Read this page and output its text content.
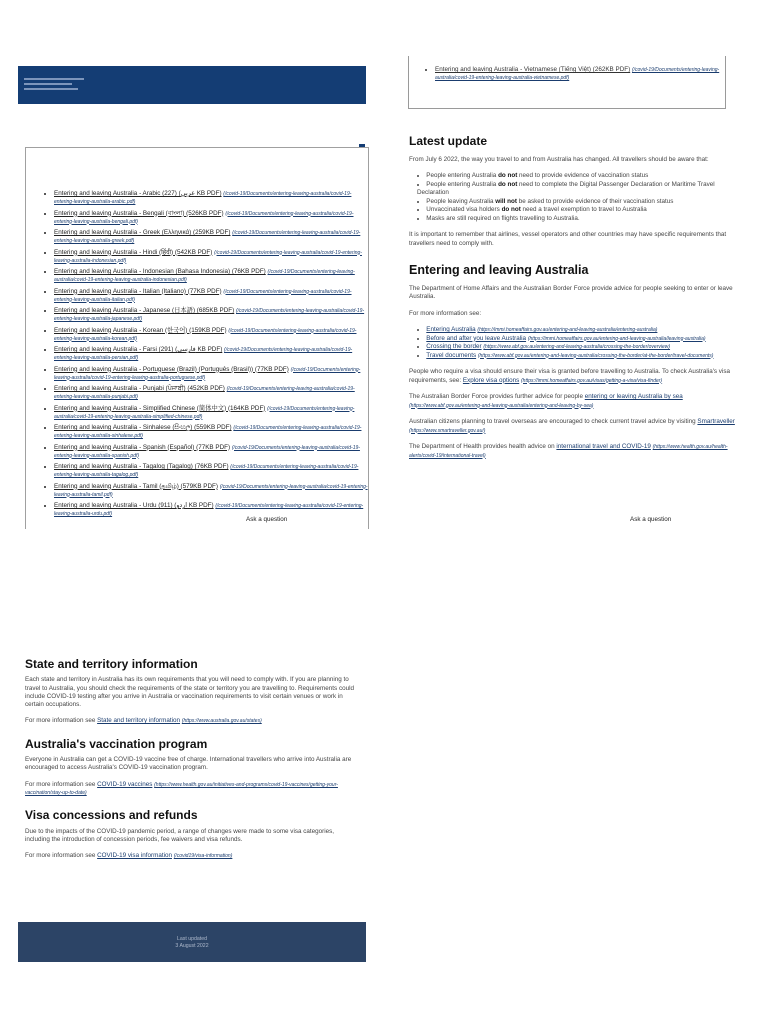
• Entering and leaving Australia - Vietnamese (Tiếng Việt) (262KB PDF) (/covid-19/Documents/entering-leaving-australia/covid-19-entering-leaving-australia-vietnamese.pdf)
• Entering and leaving Australia - Arabic (227) (عربي KB PDF) (/covid-19/Documents/entering-leaving-australia/covid-19-entering-leaving-australia-arabic.pdf)
• Entering and leaving Australia - Bengali (বাংলা) (526KB PDF) (/covid-19/Documents/entering-leaving-australia/covid-19-entering-leaving-australia-bengali.pdf)
• Entering and leaving Australia - Greek (Ελληνικά) (259KB PDF) (/covid-19/Documents/entering-leaving-australia/covid-19-entering-leaving-australia-greek.pdf)
• Entering and leaving Australia - Hindi (हिंदी) (542KB PDF) (/covid-19/Documents/entering-leaving-australia/covid-19-entering-leaving-australia-indonesian.pdf)
• Entering and leaving Australia - Indonesian (Bahasa Indonesia) (76KB PDF) (/covid-19/Documents/entering-leaving-australia/covid-19-entering-leaving-australia-indonesian.pdf)
• Entering and leaving Australia - Italian (Italiano) (77KB PDF) (/covid-19/Documents/entering-leaving-australia/covid-19-entering-leaving-australia-italian.pdf)
• Entering and leaving Australia - Japanese (日本語) (685KB PDF) (/covid-19/Documents/entering-leaving-australia/covid-19-entering-leaving-australia-japanese.pdf)
• Entering and leaving Australia - Korean (한국어) (159KB PDF) (/covid-19/Documents/entering-leaving-australia/covid-19-entering-leaving-australia-korean.pdf)
• Entering and leaving Australia - Farsi (291) (فارسی KB PDF) (/covid-19/Documents/entering-leaving-australia/covid-19-entering-leaving-australia-persian.pdf)
• Entering and leaving Australia - Portuguese (Brazil) (Português (Brasil)) (77KB PDF) (/covid-19/Documents/entering-leaving-australia/covid-19-entering-leaving-australia-portuguese.pdf)
• Entering and leaving Australia - Punjabi (ਪੰਜਾਬੀ) (452KB PDF) (/covid-19/Documents/entering-leaving-australia/covid-19-entering-leaving-australia-punjabi.pdf)
• Entering and leaving Australia - Simplified Chinese (简体中文) (164KB PDF) (/covid-19/Documents/entering-leaving-australia/covid-19-entering-leaving-australia-simplified-chinese.pdf)
• Entering and leaving Australia - Sinhalese (සිංහල) (559KB PDF) (/covid-19/Documents/entering-leaving-australia/covid-19-entering-leaving-australia-sinhalese.pdf)
• Entering and leaving Australia - Spanish (Español) (77KB PDF) (/covid-19/Documents/entering-leaving-australia/covid-19-entering-leaving-australia-spanish.pdf)
• Entering and leaving Australia - Tagalog (Tagalog) (76KB PDF) (/covid-19/Documents/entering-leaving-australia/covid-19-entering-leaving-australia-tagalog.pdf)
• Entering and leaving Australia - Tamil (தமிழ்) (579KB PDF) (/covid-19/Documents/entering-leaving-australia/covid-19-entering-leaving-australia-tamil.pdf)
• Entering and leaving Australia - Urdu (911) (اردو KB PDF) (/covid-19/Documents/entering-leaving-australia/covid-19-entering-leaving-australia-urdu.pdf)
Ask a question
Latest update

From July 6 2022, the way you travel to and from Australia has changed. All travellers should be aware that:

• People entering Australia do not need to provide evidence of vaccination status
• People entering Australia do not need to complete the Digital Passenger Declaration or Maritime Travel Declaration
• People leaving Australia will not be asked to provide evidence of their vaccination status
• Unvaccinated visa holders do not need a travel exemption to travel to Australia
• Masks are still required on flights travelling to Australia.

It is important to remember that airlines, vessel operators and other countries may have specific requirements that travellers need to comply with.

Entering and leaving Australia

The Department of Home Affairs and the Australian Border Force provide advice for people seeking to enter or leave Australia.

For more information see:

• Entering Australia (https://immi.homeaffairs.gov.au/entering-and-leaving-australia/entering-australia)
• Before and after you leave Australia (https://immi.homeaffairs.gov.au/entering-and-leaving-australia/leaving-australia)
• Crossing the border (https://www.abf.gov.au/entering-and-leaving-australia/crossing-the-border/overview)
• Travel documents (https://www.abf.gov.au/entering-and-leaving-australia/crossing-the-border/at-the-border/travel-documents)

People who require a visa should ensure their visa is granted before travelling to Australia. To check Australia's visa requirements, see: Explore visa options (https://immi.homeaffairs.gov.au/visas/getting-a-visa/visa-finder)

The Australian Border Force provides further advice for people entering or leaving Australia by sea
(https://www.abf.gov.au/entering-and-leaving-australia/entering-and-leaving-by-sea)

Australian citizens planning to travel overseas are encouraged to check current travel advice by visiting Smartraveller
(https://www.smartraveller.gov.au/)

The Department of Health provides health advice on international travel and COVID-19 (https://www.health.gov.au/health-alerts/covid-19/international-travel)

Ask a question
State and territory information

Each state and territory in Australia has its own requirements that you will need to comply with. If you are planning to travel to Australia, you should check the requirements of the state or territory you are travelling to. Requirements could include COVID-19 testing after you arrive in Australia or vaccination requirements to visit certain venues or work in certain occupations.

For more information see State and territory information (https://www.australia.gov.au/states)

Australia's vaccination program

Everyone in Australia can get a COVID-19 vaccine free of charge. International travellers who arrive into Australia are encouraged to access Australia's COVID-19 vaccination program.

For more information see COVID-19 vaccines (https://www.health.gov.au/initiatives-and-programs/covid-19-vaccines/getting-your-vaccination/stay-up-to-date)

Visa concessions and refunds

Due to the impacts of the COVID-19 pandemic period, a range of changes were made to some visa categories, including the introduction of concession periods, fee waivers and visa refunds.

For more information see COVID-19 visa information (/covid19/visa-information)

Last updated
3 August 2022
